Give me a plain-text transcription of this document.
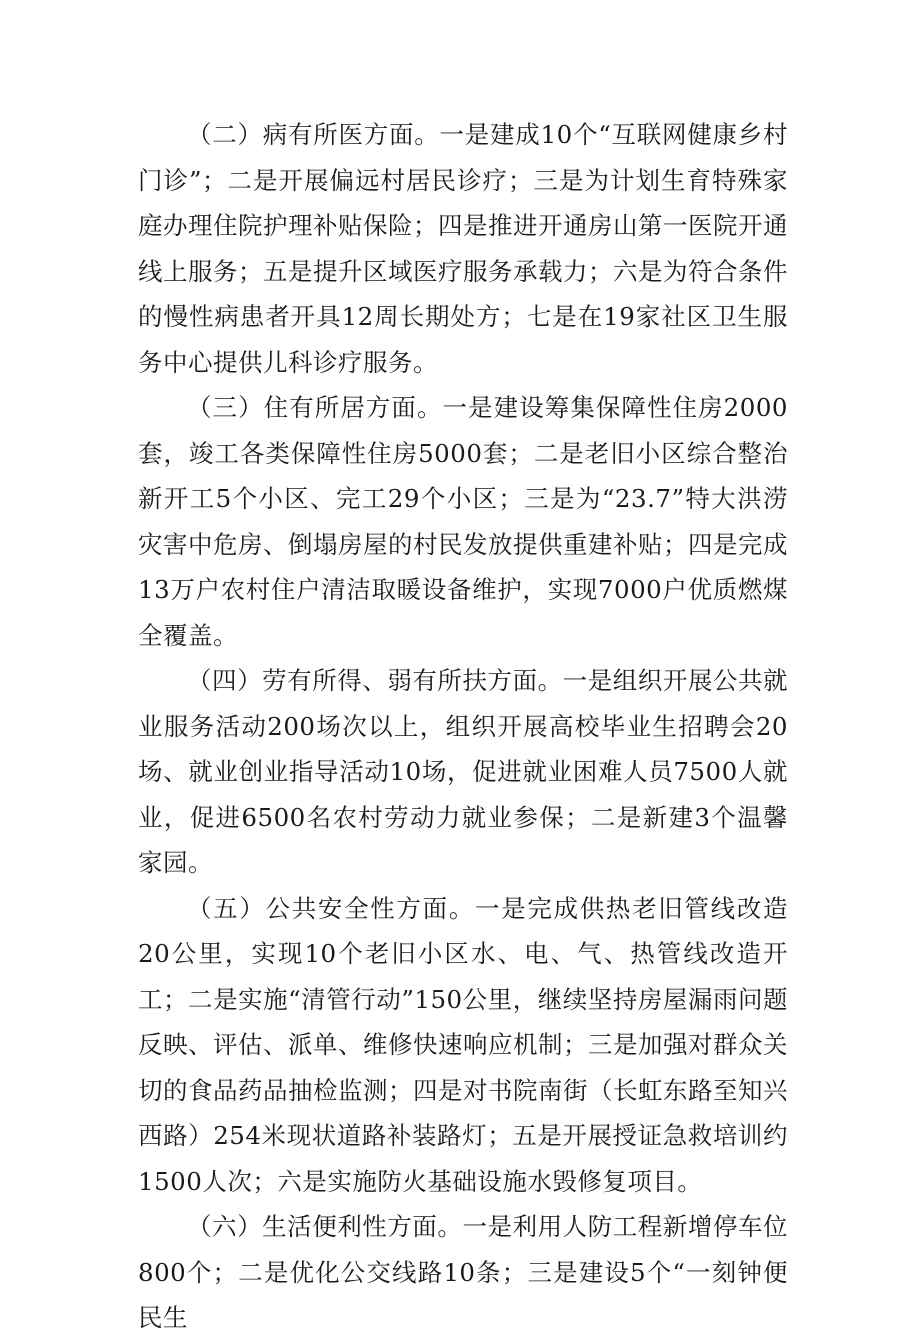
（二）病有所医方面。一是建成10个“互联网健康乡村门诊”；二是开展偏远村居民诊疗；三是为计划生育特殊家庭办理住院护理补贴保险；四是推进开通房山第一医院开通线上服务；五是提升区域医疗服务承载力；六是为符合条件的慢性病患者开具12周长期处方；七是在19家社区卫生服务中心提供儿科诊疗服务。

（三）住有所居方面。一是建设筹集保障性住房2000套，竣工各类保障性住房5000套；二是老旧小区综合整治新开工5个小区、完工29个小区；三是为“23.7”特大洪涝灾害中危房、倒塌房屋的村民发放提供重建补贴；四是完成13万户农村住户清洁取暖设备维护，实现7000户优质燃煤全覆盖。

（四）劳有所得、弱有所扶方面。一是组织开展公共就业服务活动200场次以上，组织开展高校毕业生招聘会20场、就业创业指导活动10场，促进就业困难人员7500人就业，促进6500名农村劳动力就业参保；二是新建3个温馨家园。

（五）公共安全性方面。一是完成供热老旧管线改造20公里，实现10个老旧小区水、电、气、热管线改造开工；二是实施“清管行动”150公里，继续坚持房屋漏雨问题反映、评估、派单、维修快速响应机制；三是加强对群众关切的食品药品抽检监测；四是对书院南街（长虹东路至知兴西路）254米现状道路补装路灯；五是开展授证急救培训约1500人次；六是实施防火基础设施水毁修复项目。

（六）生活便利性方面。一是利用人防工程新增停车位800个；二是优化公交线路10条；三是建设5个“一刻钟便民生
